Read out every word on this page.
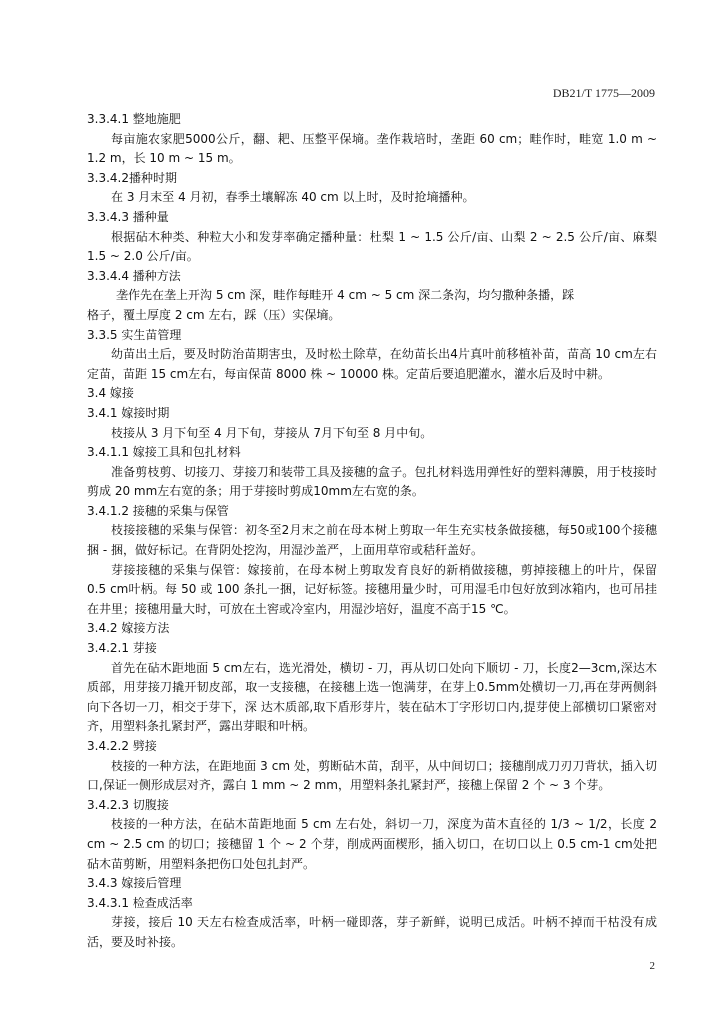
DB21/T 1775—2009

3.3.4.1 整地施肥

每亩施农家肥5000公斤，翻、耙、压整平保墒。垄作栽培时，垄距 60 cm；畦作时，畦宽 1.0 m ~ 1.2 m，长 10 m ~ 15 m。

3.3.4.2播种时期

在 3 月末至 4 月初，春季土壤解冻 40 cm 以上时，及时抢墒播种。

3.3.4.3 播种量

根据砧木种类、种粒大小和发芽率确定播种量：杜梨 1 ~ 1.5 公斤/亩、山梨 2 ~ 2.5 公斤/亩、麻梨 1.5 ~ 2.0 公斤/亩。

3.3.4.4 播种方法

垄作先在垄上开沟 5 cm 深，畦作每畦开 4 cm ~ 5 cm 深二条沟，均匀撒种条播，踩

格子，覆土厚度 2 cm 左右，踩（压）实保墒。

3.3.5 实生苗管理

幼苗出土后，要及时防治苗期害虫，及时松土除草，在幼苗长出4片真叶前移植补苗，苗高 10 cm左右定苗，苗距 15 cm左右，每亩保苗 8000 株 ~ 10000 株。定苗后要追肥灌水，灌水后及时中耕。

3.4 嫁接

3.4.1 嫁接时期

枝接从 3 月下旬至 4 月下旬，芽接从 7月下旬至 8 月中旬。

3.4.1.1 嫁接工具和包扎材料

准备剪枝剪、切接刀、芽接刀和装带工具及接穗的盒子。包扎材料选用弹性好的塑料薄膜，用于枝接时剪成 20 mm左右宽的条；用于芽接时剪成10mm左右宽的条。

3.4.1.2 接穗的采集与保管

枝接接穗的采集与保管：初冬至2月末之前在母本树上剪取一年生充实枝条做接穗，每50或100个接穗捆 - 捆，做好标记。在背阴处挖沟，用湿沙盖严，上面用草帘或秸秆盖好。

芽接接穗的采集与保管：嫁接前，在母本树上剪取发育良好的新梢做接穗，剪掉接穗上的叶片，保留0.5 cm叶柄。每 50 或 100 条扎一捆，记好标签。接穗用量少时，可用湿毛巾包好放到冰箱内，也可吊挂在井里；接穗用量大时，可放在土窖或冷室内，用湿沙培好，温度不高于15 ℃。

3.4.2 嫁接方法

3.4.2.1 芽接

首先在砧木距地面 5 cm左右，选光滑处，横切 - 刀，再从切口处向下顺切 - 刀，长度2—3cm,深达木质部，用芽接刀撬开韧皮部，取一支接穗，在接穗上选一饱满芽，在芽上0.5mm处横切一刀,再在芽两侧斜向下各切一刀，相交于芽下，深 达木质部,取下盾形芽片，装在砧木丁字形切口内,提芽使上部横切口紧密对齐，用塑料条扎紧封严，露出芽眼和叶柄。

3.4.2.2 劈接

枝接的一种方法，在距地面 3 cm 处，剪断砧木苗，刮平，从中间切口；接穗削成刀刃刀背状，插入切口,保证一侧形成层对齐，露白 1 mm ~ 2 mm，用塑料条扎紧封严，接穗上保留 2 个 ~ 3 个芽。

3.4.2.3 切腹接

枝接的一种方法，在砧木苗距地面 5 cm 左右处，斜切一刀，深度为苗木直径的 1/3 ~ 1/2，长度 2 cm ~ 2.5 cm 的切口；接穗留 1 个 ~ 2 个芽，削成两面楔形，插入切口，在切口以上 0.5 cm-1 cm处把砧木苗剪断，用塑料条把伤口处包扎封严。

3.4.3 嫁接后管理

3.4.3.1 检查成活率

芽接，接后 10 天左右检查成活率，叶柄一碰即落，芽子新鲜，说明已成活。叶柄不掉而干枯没有成活，要及时补接。

2
